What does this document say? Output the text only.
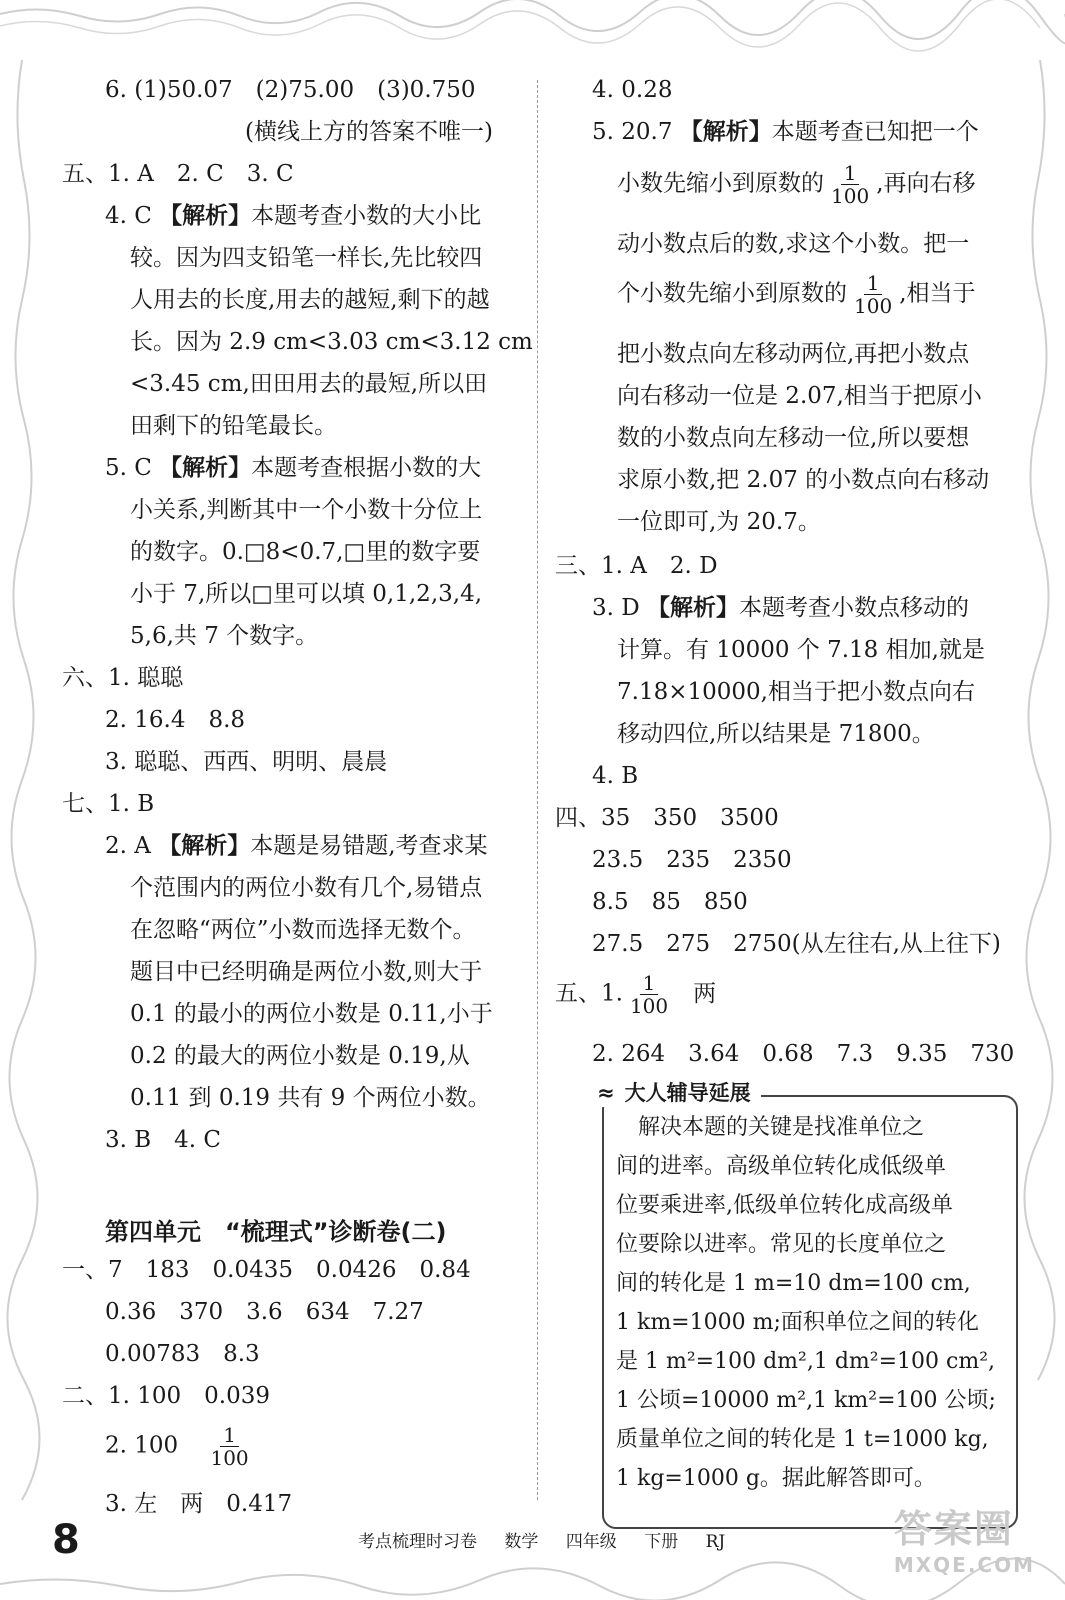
6. (1)50.07　(2)75.00　(3)0.750
(横线上方的答案不唯一)
五、1. A　2. C　3. C
4. C 【解析】本题考查小数的大小比
较。因为四支铅笔一样长,先比较四
人用去的长度,用去的越短,剩下的越
长。因为 2.9 cm<3.03 cm<3.12 cm
<3.45 cm,田田用去的最短,所以田
田剩下的铅笔最长。
5. C 【解析】本题考查根据小数的大
小关系,判断其中一个小数十分位上
的数字。0.□8<0.7,□里的数字要
小于 7,所以□里可以填 0,1,2,3,4,
5,6,共 7 个数字。
六、1. 聪聪
2. 16.4　8.8
3. 聪聪、西西、明明、晨晨
七、1. B
2. A 【解析】本题是易错题,考查求某
个范围内的两位小数有几个,易错点
在忽略“两位”小数而选择无数个。
题目中已经明确是两位小数,则大于
0.1 的最小的两位小数是 0.11,小于
0.2 的最大的两位小数是 0.19,从
0.11 到 0.19 共有 9 个两位小数。
3. B　4. C
第四单元　“梳理式”诊断卷(二)
一、7　183　0.0435　0.0426　0.84
0.36　370　3.6　634　7.27
0.00783　8.3
二、1. 100　0.039
2. $100 \frac{1}{100}$
3. 左　两　0.417
4. 0.28
5. 20.7 【解析】本题考查已知把一个
小数先缩小到原数的 $\frac{1}{100}$ ,再向右移
动小数点后的数,求这个小数。把一
个小数先缩小到原数的 $\frac{1}{100}$ ,相当于
把小数点向左移动两位,再把小数点
向右移动一位是 2.07,相当于把原小
数的小数点向左移动一位,所以要想
求原小数,把 2.07 的小数点向右移动
一位即可,为 20.7。
三、1. A　2. D
3. D 【解析】本题考查小数点移动的
计算。有 10000 个 7.18 相加,就是
7.18×10000,相当于把小数点向右
移动四位,所以结果是 71800。
4. B
四、35　350　3500
23.5　235　2350
8.5　85　850
27.5　275　2750(从左往右,从上往下)
五、1. $\frac{1}{100}$ 两
2. 264　3.64　0.68　7.3　9.35　730
≈ 大人辅导延展
　解决本题的关键是找准单位之
间的进率。高级单位转化成低级单
位要乘进率,低级单位转化成高级单
位要除以进率。常见的长度单位之
间的转化是 1 m=10 dm=100 cm,
1 km=1000 m;面积单位之间的转化
是 1 m²=100 dm²,1 dm²=100 cm²,
1 公顷=10000 m²,1 km²=100 公顷;
质量单位之间的转化是 1 t=1000 kg,
1 kg=1000 g。据此解答即可。
8	考点梳理时习卷 数学 四年级 下册 RJ	答案圈
MXQE.COM
